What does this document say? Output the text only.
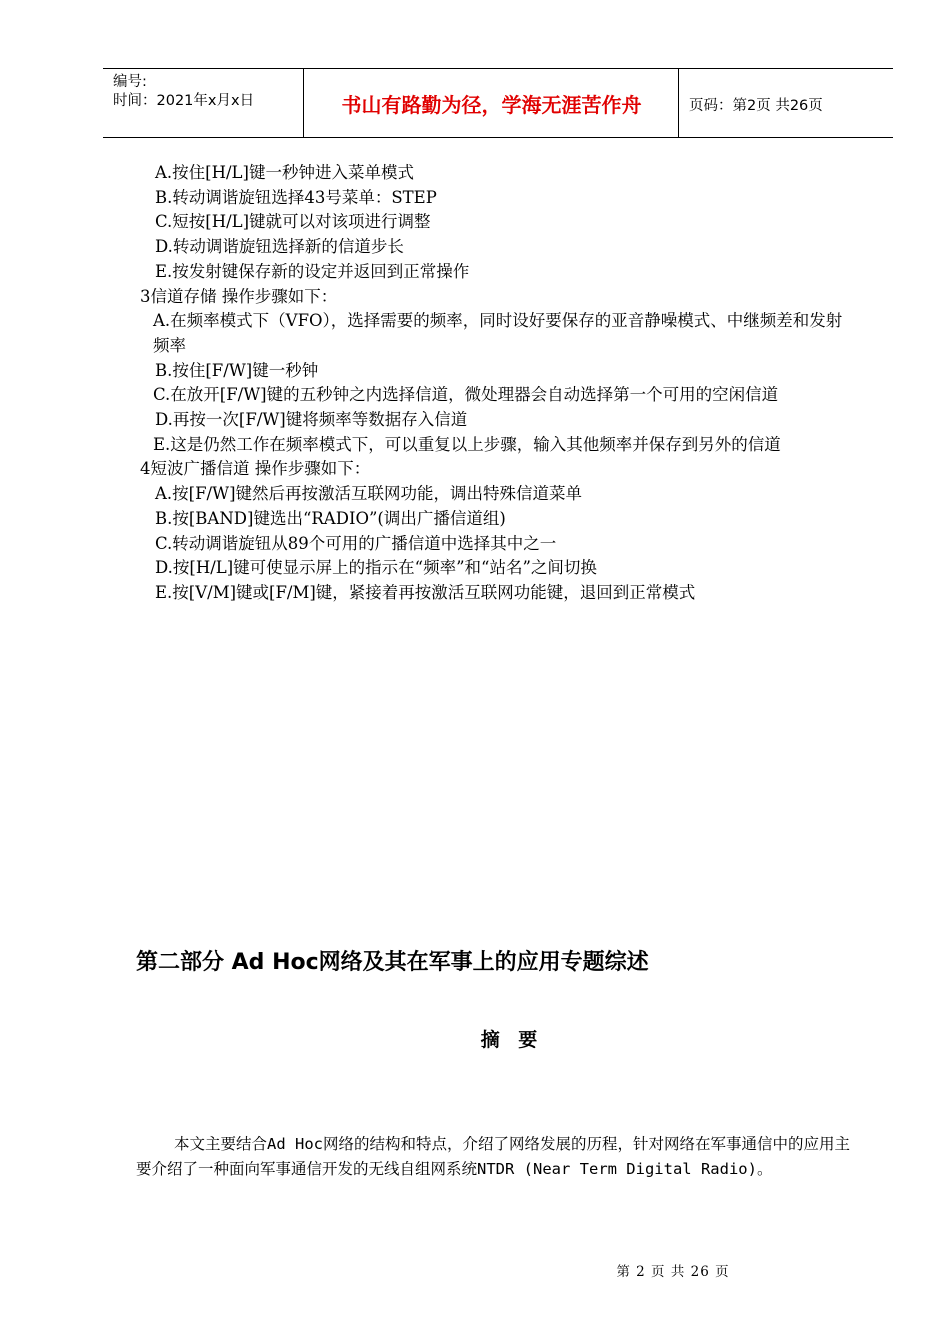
编号:
时间：2021年x月x日	书山有路勤为径，学海无涯苦作舟	页码：第2页 共26页

A.按住[H/L]键一秒钟进入菜单模式

B.转动调谐旋钮选择43号菜单：STEP

C.短按[H/L]键就可以对该项进行调整

D.转动调谐旋钮选择新的信道步长

E.按发射键保存新的设定并返回到正常操作

3信道存储 操作步骤如下：

A.在频率模式下（VFO），选择需要的频率，同时设好要保存的亚音静噪模式、中继频差和发射频率

B.按住[F/W]键一秒钟

C.在放开[F/W]键的五秒钟之内选择信道，微处理器会自动选择第一个可用的空闲信道

D.再按一次[F/W]键将频率等数据存入信道

E.这是仍然工作在频率模式下，可以重复以上步骤，输入其他频率并保存到另外的信道

4短波广播信道 操作步骤如下：

A.按[F/W]键然后再按激活互联网功能，调出特殊信道菜单

B.按[BAND]键选出“RADIO”(调出广播信道组)

C.转动调谐旋钮从89个可用的广播信道中选择其中之一

D.按[H/L]键可使显示屏上的指示在“频率”和“站名”之间切换

E.按[V/M]键或[F/M]键，紧接着再按激活互联网功能键，退回到正常模式

第二部分 Ad Hoc网络及其在军事上的应用专题综述
摘 要
本文主要结合Ad Hoc网络的结构和特点，介绍了网络发展的历程，针对网络在军事通信中的应用主要介绍了一种面向军事通信开发的无线自组网系统NTDR (Near Term Digital Radio)。
第 2 页 共 26 页
